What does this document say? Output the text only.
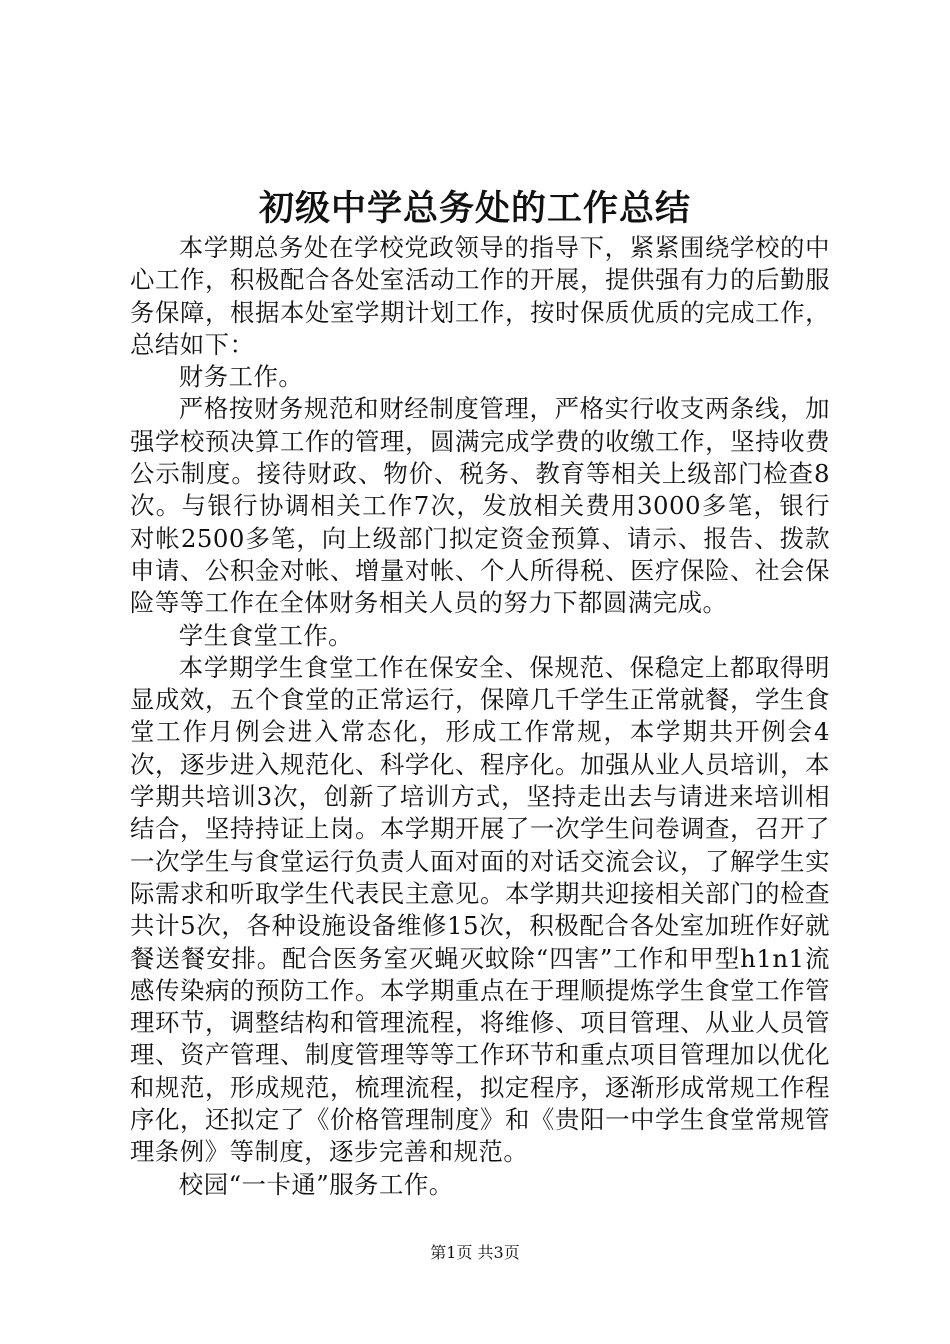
初级中学总务处的工作总结

本学期总务处在学校党政领导的指导下，紧紧围绕学校的中心工作，积极配合各处室活动工作的开展，提供强有力的后勤服务保障，根据本处室学期计划工作，按时保质优质的完成工作，总结如下：

财务工作。

严格按财务规范和财经制度管理，严格实行收支两条线，加强学校预决算工作的管理，圆满完成学费的收缴工作，坚持收费公示制度。接待财政、物价、税务、教育等相关上级部门检查8次。与银行协调相关工作7次，发放相关费用3000多笔，银行对帐2500多笔，向上级部门拟定资金预算、请示、报告、拨款申请、公积金对帐、增量对帐、个人所得税、医疗保险、社会保险等等工作在全体财务相关人员的努力下都圆满完成。

学生食堂工作。

本学期学生食堂工作在保安全、保规范、保稳定上都取得明显成效，五个食堂的正常运行，保障几千学生正常就餐，学生食堂工作月例会进入常态化，形成工作常规，本学期共开例会4次，逐步进入规范化、科学化、程序化。加强从业人员培训，本学期共培训3次，创新了培训方式，坚持走出去与请进来培训相结合，坚持持证上岗。本学期开展了一次学生问卷调查，召开了一次学生与食堂运行负责人面对面的对话交流会议，了解学生实际需求和听取学生代表民主意见。本学期共迎接相关部门的检查共计5次，各种设施设备维修15次，积极配合各处室加班作好就餐送餐安排。配合医务室灭蝇灭蚊除“四害”工作和甲型h1n1流感传染病的预防工作。本学期重点在于理顺提炼学生食堂工作管理环节，调整结构和管理流程，将维修、项目管理、从业人员管理、资产管理、制度管理等等工作环节和重点项目管理加以优化和规范，形成规范，梳理流程，拟定程序，逐渐形成常规工作程序化，还拟定了《价格管理制度》和《贵阳一中学生食堂常规管理条例》等制度，逐步完善和规范。

校园“一卡通”服务工作。

第1页 共3页
